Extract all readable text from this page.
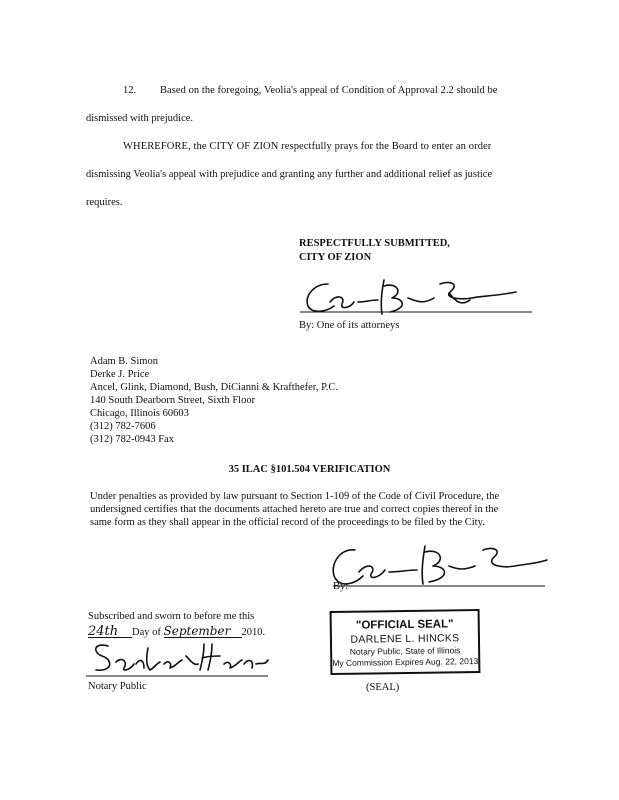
12. Based on the foregoing, Veolia's appeal of Condition of Approval 2.2 should be
dismissed with prejudice.
WHEREFORE, the CITY OF ZION respectfully prays for the Board to enter an order
dismissing Veolia's appeal with prejudice and granting any further and additional relief as justice
requires.
RESPECTFULLY SUBMITTED,
CITY OF ZION
By: One of its attorneys
Adam B. Simon
Derke J. Price
Ancel, Glink, Diamond, Bush, DiCianni & Krafthefer, P.C.
140 South Dearborn Street, Sixth Floor
Chicago, Illinois 60603
(312) 782-7606
(312) 782-0943 Fax
35 ILAC §101.504 VERIFICATION
Under penalties as provided by law pursuant to Section 1-109 of the Code of Civil Procedure, the
undersigned certifies that the documents attached hereto are true and correct copies thereof in the
same form as they shall appear in the official record of the proceedings to be filed by the City.
By:
Subscribed and sworn to before me this
24th Day of September 2010.
Notary Public
"OFFICIAL SEAL"
DARLENE L. HINCKS
Notary Public, State of Illinois
My Commission Expires Aug. 22, 2013
(SEAL)
